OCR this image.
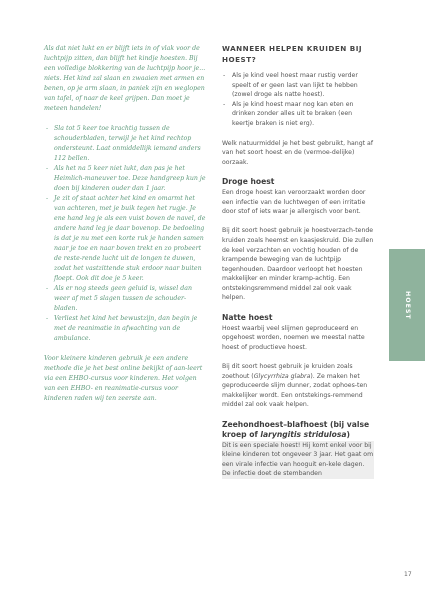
Als dat niet lukt en er blijft iets in of vlak voor de luchtpijp zitten, dan blijft het kindje hoesten. Bij een volledige blokkering van de luchtpijp hoor je... niets. Het kind zal slaan en zwaaien met armen en benen, op je arm slaan, in paniek zijn en weglopen van tafel, of naar de keel grijpen. Dan moet je meteen handelen!

- Sla tot 5 keer toe krachtig tussen de schouderbladen, terwijl je het kind rechtop ondersteunt. Laat onmiddellijk iemand anders 112 bellen.
- Als het na 5 keer niet lukt, dan pas je het Heimlich-maneuver toe. Deze handgreep kun je doen bij kinderen ouder dan 1 jaar.
- Je zit of staat achter het kind en omarmt het van achteren, met je buik tegen het rugje. Je ene hand leg je als een vuist boven de navel, de andere hand leg je daar bovenop. De bedoeling is dat je nu met een korte ruk je handen samen naar je toe en naar boven trekt en zo probeert de reste-rende lucht uit de longen te duwen, zodat het vastzittende stuk erdoor naar buiten floept. Ook dit doe je 5 keer.
- Als er nog steeds geen geluid is, wissel dan weer af met 5 slagen tussen de schouder-bladen.
- Verliest het kind het bewustzijn, dan begin je met de reanimatie in afwachting van de ambulance.

Voor kleinere kinderen gebruik je een andere methode die je het best online bekijkt of aan-leert via een EHBO-cursus voor kinderen. Het volgen van een EHBO- en reanimatie-cursus voor kinderen raden wij ten zeerste aan.

WANNEER HELPEN KRUIDEN BIJ HOEST?
- Als je kind veel hoest maar rustig verder speelt of er geen last van lijkt te hebben (zowel droge als natte hoest).
- Als je kind hoest maar nog kan eten en drinken zonder alles uit te braken (een keertje braken is niet erg).

Welk natuurmiddel je het best gebruikt, hangt af van het soort hoest en de (vermoe-delijke) oorzaak.

Droge hoest

Een droge hoest kan veroorzaakt worden door een infectie van de luchtwegen of een irritatie door stof of iets waar je allergisch voor bent.

Bij dit soort hoest gebruik je hoestverzach-tende kruiden zoals heemst en kaasjeskruid. Die zullen de keel verzachten en vochtig houden of de krampende beweging van de luchtpijp tegenhouden. Daardoor verloopt het hoesten makkelijker en minder kramp-achtig. Een ontstekingsremmend middel zal ook vaak helpen.

Natte hoest

Hoest waarbij veel slijmen geproduceerd en opgehoest worden, noemen we meestal natte hoest of productieve hoest.

Bij dit soort hoest gebruik je kruiden zoals zoethout (Glycyrrhiza glabra). Ze maken het geproduceerde slijm dunner, zodat ophoes-ten makkelijker wordt. Een ontstekings-remmend middel zal ook vaak helpen.

Zeehondhoest–blafhoest (bij valse kroep of laryngitis stridulosa)

Dit is een speciale hoest! Hij komt enkel voor bij kleine kinderen tot ongeveer 3 jaar. Het gaat om een virale infectie van hooguit en-kele dagen. De infectie doet de stembanden

HOEST
17
